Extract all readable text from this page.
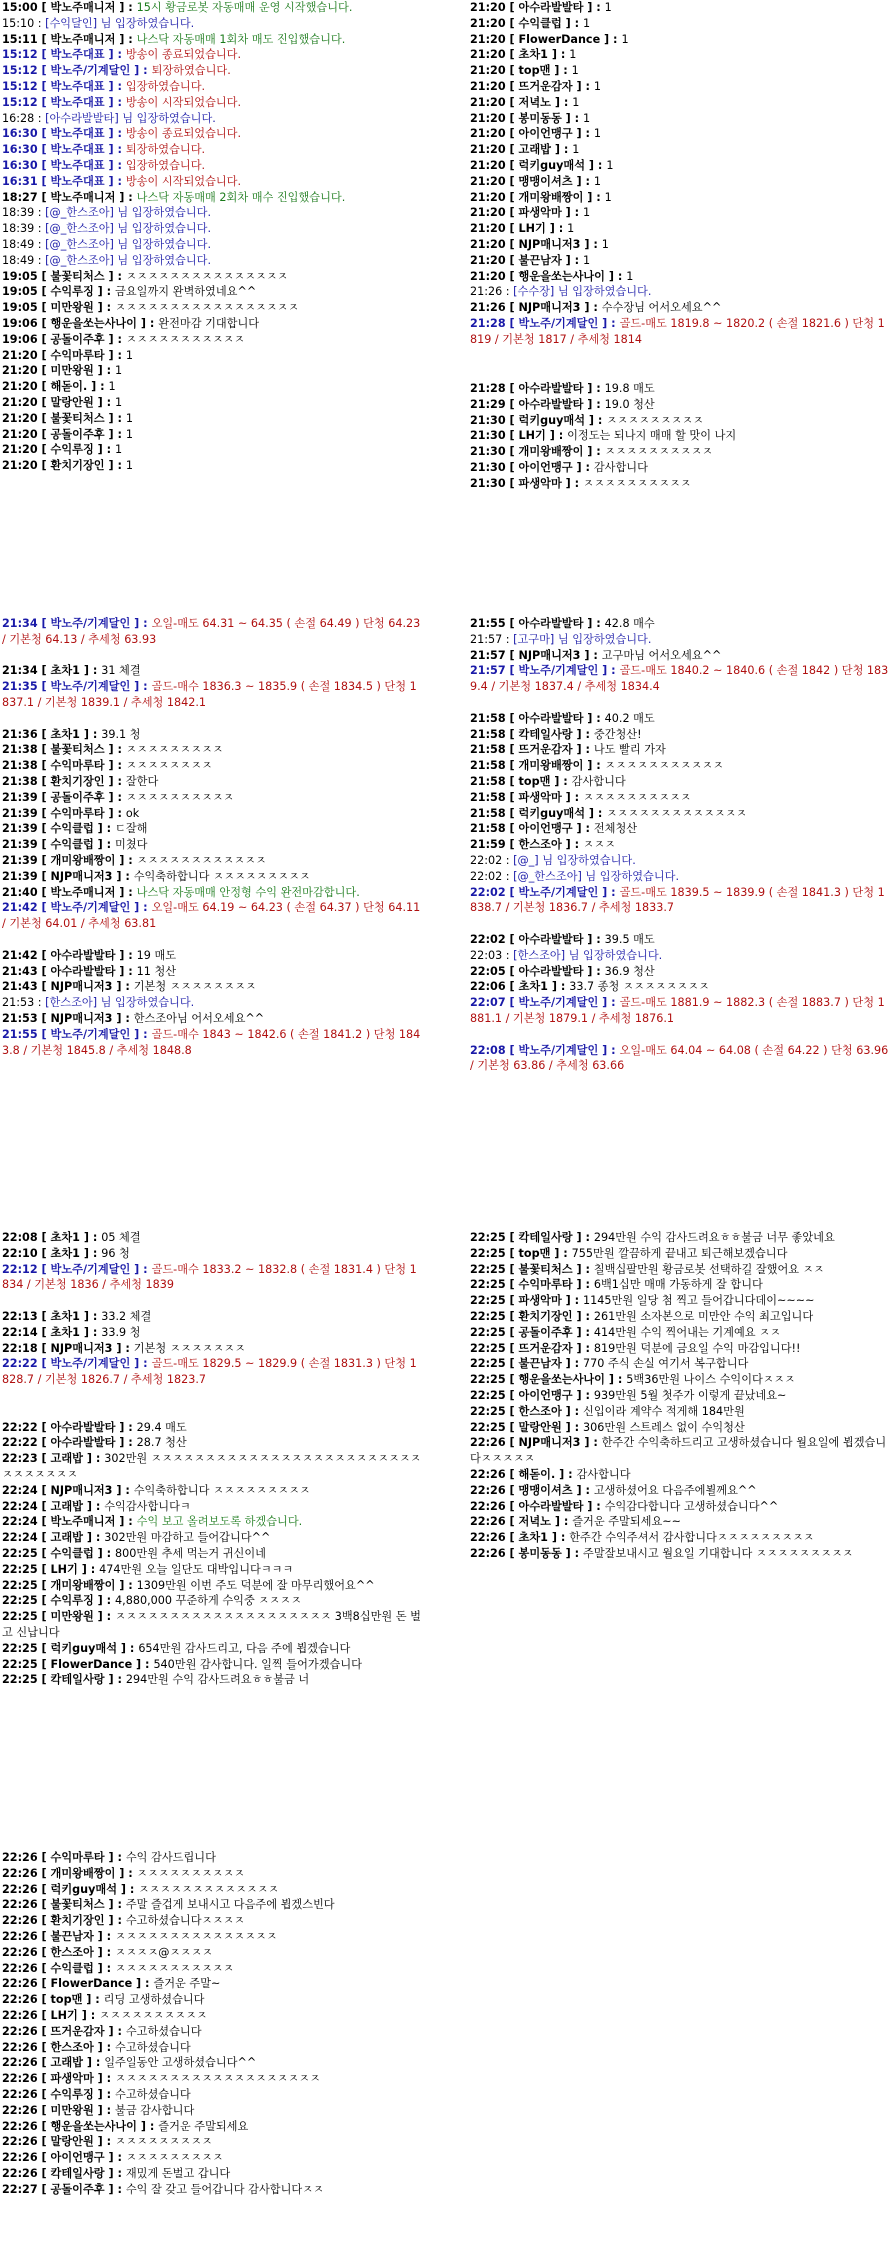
15:00 [ 박노주매니저 ] : 15시 황금로봇 자동매매 운영 시작했습니다.
15:10 : [수익달인] 님 입장하였습니다.
15:11 [ 박노주매니저 ] : 나스닥 자동매매 1회차 매도 진입했습니다.
15:12 [ 박노주대표 ] : 방송이 종료되었습니다.
15:12 [ 박노주/기계달인 ] : 퇴장하였습니다.
15:12 [ 박노주대표 ] : 입장하였습니다.
15:12 [ 박노주대표 ] : 방송이 시작되었습니다.
16:28 : [아수라발발타] 님 입장하였습니다.
16:30 [ 박노주대표 ] : 방송이 종료되었습니다.
16:30 [ 박노주대표 ] : 퇴장하였습니다.
16:30 [ 박노주대표 ] : 입장하였습니다.
16:31 [ 박노주대표 ] : 방송이 시작되었습니다.
18:27 [ 박노주매니저 ] : 나스닥 자동매매 2회차 매수 진입했습니다.
18:39 : [@_한스조아] 님 입장하였습니다.
18:39 : [@_한스조아] 님 입장하였습니다.
18:49 : [@_한스조아] 님 입장하였습니다.
18:49 : [@_한스조아] 님 입장하였습니다.
19:05 [ 불꽃티처스 ] : ㅈㅈㅈㅈㅈㅈㅈㅈㅈㅈㅈㅈㅈㅈㅈ
19:05 [ 수익루징 ] : 금요일까지 완벽하였네요^^
19:05 [ 미만왕원 ] : ㅈㅈㅈㅈㅈㅈㅈㅈㅈㅈㅈㅈㅈㅈㅈㅈㅈ
19:06 [ 행운을쏘는사나이 ] : 완전마감 기대합니다
19:06 [ 공돌이주후 ] : ㅈㅈㅈㅈㅈㅈㅈㅈㅈㅈㅈ
21:20 [ 수익마루타 ] : 1
21:20 [ 미만왕원 ] : 1
21:20 [ 해돋이. ] : 1
21:20 [ 말랑안원 ] : 1
21:20 [ 불꽃티처스 ] : 1
21:20 [ 공돌이주후 ] : 1
21:20 [ 수익루징 ] : 1
21:20 [ 환치기장인 ] : 1
21:20 [ 아수라발발타 ] : 1
21:20 [ 수익클럽 ] : 1
21:20 [ FlowerDance ] : 1
21:20 [ 초차1 ] : 1
21:20 [ top맨 ] : 1
21:20 [ 뜨거운감자 ] : 1
21:20 [ 저녁노 ] : 1
21:20 [ 봉미동동 ] : 1
21:20 [ 아이언맹구 ] : 1
21:20 [ 고래밥 ] : 1
21:20 [ 럭키guy매석 ] : 1
21:20 [ 맹맹이셔츠 ] : 1
21:20 [ 개미왕배짱이 ] : 1
21:20 [ 파생악마 ] : 1
21:20 [ LH기 ] : 1
21:20 [ NJP매니저3 ] : 1
21:20 [ 불끈남자 ] : 1
21:20 [ 행운을쏘는사나이 ] : 1
21:26 : [수수장] 님 입장하였습니다.
21:26 [ NJP매니저3 ] : 수수장님 어서오세요^^
21:28 [ 박노주/기계달인 ] : 골드-매도 1819.8 ~ 1820.2 ( 손절 1821.6 ) 단청 1819 / 기본청 1817 / 추세청 1814
21:28 [ 아수라발발타 ] : 19.8 매도
21:29 [ 아수라발발타 ] : 19.0 청산
21:30 [ 럭키guy매석 ] : ㅈㅈㅈㅈㅈㅈㅈㅈㅈ
21:30 [ LH기 ] : 이정도는 되나지 매매 할 맛이 나지
21:30 [ 개미왕배짱이 ] : ㅈㅈㅈㅈㅈㅈㅈㅈㅈㅈ
21:30 [ 아이언맹구 ] : 감사합니다
21:30 [ 파생악마 ] : ㅈㅈㅈㅈㅈㅈㅈㅈㅈㅈ
21:34 [ 박노주/기계달인 ] : 오일-매도 64.31 ~ 64.35 ( 손절 64.49 ) 단청 64.23 / 기본청 64.13 / 추세청 63.93

21:34 [ 초차1 ] : 31 체결
21:35 [ 박노주/기계달인 ] : 골드-매수 1836.3 ~ 1835.9 ( 손절 1834.5 ) 단청 1837.1 / 기본청 1839.1 / 추세청 1842.1

21:36 [ 초차1 ] : 39.1 청
21:38 [ 불꽃티처스 ] : ㅈㅈㅈㅈㅈㅈㅈㅈㅈ
21:38 [ 수익마루타 ] : ㅈㅈㅈㅈㅈㅈㅈㅈ
21:38 [ 환치기장인 ] : 잘한다
21:39 [ 공돌이주후 ] : ㅈㅈㅈㅈㅈㅈㅈㅈㅈㅈ
21:39 [ 수익마루타 ] : ok
21:39 [ 수익클럽 ] : ㄷ잘해
21:39 [ 수익클럽 ] : 미쳤다
21:39 [ 개미왕배짱이 ] : ㅈㅈㅈㅈㅈㅈㅈㅈㅈㅈㅈㅈ
21:39 [ NJP매니저3 ] : 수익축하합니다 ㅈㅈㅈㅈㅈㅈㅈㅈㅈ
21:40 [ 박노주매니저 ] : 나스닥 자동매매 안정형 수익 완전마감합니다.
21:42 [ 박노주/기계달인 ] : 오일-매도 64.19 ~ 64.23 ( 손절 64.37 ) 단청 64.11 / 기본청 64.01 / 추세청 63.81

21:42 [ 아수라발발타 ] : 19 매도
21:43 [ 아수라발발타 ] : 11 청산
21:43 [ NJP매니저3 ] : 기본청 ㅈㅈㅈㅈㅈㅈㅈㅈ
21:53 : [한스조아] 님 입장하였습니다.
21:53 [ NJP매니저3 ] : 한스조아님 어서오세요^^
21:55 [ 박노주/기계달인 ] : 골드-매수 1843 ~ 1842.6 ( 손절 1841.2 ) 단청 1843.8 / 기본청 1845.8 / 추세청 1848.8
21:55 [ 아수라발발타 ] : 42.8 매수
21:57 : [고구마] 님 입장하였습니다.
21:57 [ NJP매니저3 ] : 고구마님 어서오세요^^
21:57 [ 박노주/기계달인 ] : 골드-매도 1840.2 ~ 1840.6 ( 손절 1842 ) 단청 1839.4 / 기본청 1837.4 / 추세청 1834.4

21:58 [ 아수라발발타 ] : 40.2 매도
21:58 [ 칵테일사랑 ] : 중간청산!
21:58 [ 뜨거운감자 ] : 나도 빨리 가자
21:58 [ 개미왕배짱이 ] : ㅈㅈㅈㅈㅈㅈㅈㅈㅈㅈㅈ
21:58 [ top맨 ] : 감사합니다
21:58 [ 파생악마 ] : ㅈㅈㅈㅈㅈㅈㅈㅈㅈㅈ
21:58 [ 럭키guy매석 ] : ㅈㅈㅈㅈㅈㅈㅈㅈㅈㅈㅈㅈㅈ
21:58 [ 아이언맹구 ] : 전체청산
21:59 [ 한스조아 ] : ㅈㅈㅈ
22:02 : [@_] 님 입장하였습니다.
22:02 : [@_한스조아] 님 입장하였습니다.
22:02 [ 박노주/기계달인 ] : 골드-매도 1839.5 ~ 1839.9 ( 손절 1841.3 ) 단청 1838.7 / 기본청 1836.7 / 추세청 1833.7

22:02 [ 아수라발발타 ] : 39.5 매도
22:03 : [한스조아] 님 입장하였습니다.
22:05 [ 아수라발발타 ] : 36.9 청산
22:06 [ 초차1 ] : 33.7 종청 ㅈㅈㅈㅈㅈㅈㅈㅈ
22:07 [ 박노주/기계달인 ] : 골드-매도 1881.9 ~ 1882.3 ( 손절 1883.7 ) 단청 1881.1 / 기본청 1879.1 / 추세청 1876.1

22:08 [ 박노주/기계달인 ] : 오일-매도 64.04 ~ 64.08 ( 손절 64.22 ) 단청 63.96 / 기본청 63.86 / 추세청 63.66
22:08 [ 초차1 ] : 05 체결
22:10 [ 초차1 ] : 96 청
22:12 [ 박노주/기계달인 ] : 골드-매수 1833.2 ~ 1832.8 ( 손절 1831.4 ) 단청 1834 / 기본청 1836 / 추세청 1839

22:13 [ 초차1 ] : 33.2 체결
22:14 [ 초차1 ] : 33.9 청
22:18 [ NJP매니저3 ] : 기본청 ㅈㅈㅈㅈㅈㅈㅈ
22:22 [ 박노주/기계달인 ] : 골드-매도 1829.5 ~ 1829.9 ( 손절 1831.3 ) 단청 1828.7 / 기본청 1826.7 / 추세청 1823.7

22:22 [ 아수라발발타 ] : 29.4 매도
22:22 [ 아수라발발타 ] : 28.7 청산
22:23 [ 고래밥 ] : 302만원 ㅈㅈㅈㅈㅈㅈㅈㅈㅈㅈㅈㅈㅈㅈㅈㅈㅈㅈㅈㅈㅈㅈㅈㅈㅈㅈㅈㅈㅈㅈㅈㅈ
22:24 [ NJP매니저3 ] : 수익축하합니다 ㅈㅈㅈㅈㅈㅈㅈㅈㅈ
22:24 [ 고래밥 ] : 수익감사합니다ㅋ
22:24 [ 박노주매니저 ] : 수익 보고 올려보도록 하겠습니다.
22:24 [ 고래밥 ] : 302만원 마감하고 들어갑니다^^
22:25 [ 수익클럽 ] : 800만원 추세 먹는거 귀신이네
22:25 [ LH기 ] : 474만원 오늘 일단도 대박입니다ㅋㅋㅋ
22:25 [ 개미왕배짱이 ] : 1309만원 이번 주도 덕분에 잘 마무리했어요^^
22:25 [ 수익루징 ] : 4,880,000 꾸준하게 수익중 ㅈㅈㅈㅈ
22:25 [ 미만왕원 ] : ㅈㅈㅈㅈㅈㅈㅈㅈㅈㅈㅈㅈㅈㅈㅈㅈㅈㅈㅈㅈ 3백8십만원 돈 벌고 신납니다
22:25 [ 럭키guy매석 ] : 654만원 감사드리고, 다음 주에 뵙겠습니다
22:25 [ FlowerDance ] : 540만원 감사합니다. 일찍 들어가겠습니다
22:25 [ 칵테일사랑 ] : 294만원 수익 감사드려요ㅎㅎ불금 너
22:25 [ 칵테일사랑 ] : 294만원 수익 감사드려요ㅎㅎ불금 너무 좋았네요
22:25 [ top맨 ] : 755만원 깔끔하게 끝내고 퇴근해보겠습니다
22:25 [ 불꽃티처스 ] : 칠백십팔만원 황금로봇 선택하길 잘했어요 ㅈㅈ
22:25 [ 수익마루타 ] : 6백1십만 매매 가동하게 잘 합니다
22:25 [ 파생악마 ] : 1145만원 일당 첨 찍고 들어갑니다데이~~~~
22:25 [ 환치기장인 ] : 261만원 소자본으로 미만안 수익 최고입니다
22:25 [ 공돌이주후 ] : 414만원 수익 찍어내는 기계예요 ㅈㅈ
22:25 [ 뜨거운감자 ] : 819만원 덕분에 금요일 수익 마감입니다!!
22:25 [ 불끈남자 ] : 770 주식 손실 여기서 복구합니다
22:25 [ 행운을쏘는사나이 ] : 5백36만원 나이스 수익이다ㅈㅈㅈ
22:25 [ 아이언맹구 ] : 939만원 5월 첫주가 이렇게 끝났네요~
22:25 [ 한스조아 ] : 신입이라 계약수 적게해 184만원
22:25 [ 말랑안원 ] : 306만원 스트레스 없이 수익청산
22:26 [ NJP매니저3 ] : 한주간 수익축하드리고 고생하셨습니다 월요일에 뵙겠습니다ㅈㅈㅈㅈㅈ
22:26 [ 해돋이. ] : 감사합니다
22:26 [ 맹맹이셔츠 ] : 고생하셨어요 다음주에뵐께요^^
22:26 [ 아수라발발타 ] : 수익감다합니다 고생하셨습니다^^
22:26 [ 저녁노 ] : 즐거운 주말되세요~~
22:26 [ 초차1 ] : 한주간 수익주셔서 감사합니다ㅈㅈㅈㅈㅈㅈㅈㅈㅈ
22:26 [ 봉미동동 ] : 주말잘보내시고 월요일 기대합니다 ㅈㅈㅈㅈㅈㅈㅈㅈㅈ
22:26 [ 수익마루타 ] : 수익 감사드립니다
22:26 [ 개미왕배짱이 ] : ㅈㅈㅈㅈㅈㅈㅈㅈㅈㅈ
22:26 [ 럭키guy매석 ] : ㅈㅈㅈㅈㅈㅈㅈㅈㅈㅈㅈㅈㅈ
22:26 [ 불꽃티처스 ] : 주말 즐겁게 보내시고 다음주에 뵙겠스빈다
22:26 [ 환치기장인 ] : 수고하셨습니다ㅈㅈㅈㅈ
22:26 [ 불끈남자 ] : ㅈㅈㅈㅈㅈㅈㅈㅈㅈㅈㅈㅈㅈㅈㅈ
22:26 [ 한스조아 ] : ㅈㅈㅈㅈ@ㅈㅈㅈㅈ
22:26 [ 수익클럽 ] : ㅈㅈㅈㅈㅈㅈㅈㅈㅈㅈㅈ
22:26 [ FlowerDance ] : 즐거운 주말~
22:26 [ top맨 ] : 리딩 고생하셨습니다
22:26 [ LH기 ] : ㅈㅈㅈㅈㅈㅈㅈㅈㅈㅈ
22:26 [ 뜨거운감자 ] : 수고하셨습니다
22:26 [ 한스조아 ] : 수고하셨습니다
22:26 [ 고래밥 ] : 일주일동안 고생하셨습니다^^
22:26 [ 파생악마 ] : ㅈㅈㅈㅈㅈㅈㅈㅈㅈㅈㅈㅈㅈㅈㅈㅈㅈㅈㅈ
22:26 [ 수익루징 ] : 수고하셨습니다
22:26 [ 미만왕원 ] : 불금 감사합니다
22:26 [ 행운을쏘는사나이 ] : 즐거운 주말되세요
22:26 [ 말랑안원 ] : ㅈㅈㅈㅈㅈㅈㅈㅈㅈ
22:26 [ 아이언맹구 ] : ㅈㅈㅈㅈㅈㅈㅈㅈㅈ
22:26 [ 칵테일사랑 ] : 재밌게 돈벌고 갑니다
22:27 [ 공돌이주후 ] : 수익 잘 갖고 들어갑니다 감사합니다ㅈㅈ
